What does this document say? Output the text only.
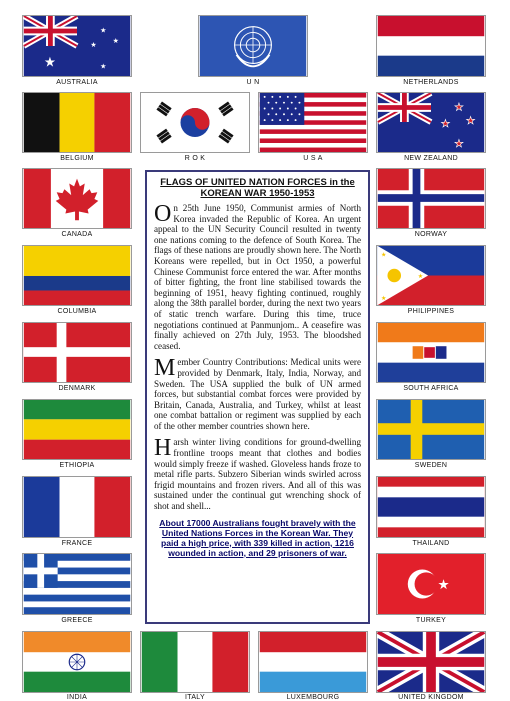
★
★
★
★
★
AUSTRALIA	U N	NETHERLANDS
BELGIUM	R O K	U S A
★
★ ★
★
NEW ZEALAND
CANADA
COLUMBIA
DENMARK
ETHIOPIA
FRANCE
GREECE
NORWAY
★
★
★
PHILIPPINES
SOUTH AFRICA
SWEDEN
THAILAND
★
TURKEY
INDIA	ITALY	LUXEMBOURG	UNITED KINGDOM
FLAGS OF UNITED NATION FORCES in the KOREAN WAR 1950-1953

On 25th June 1950, Communist armies of North Korea invaded the Republic of Korea. An urgent appeal to the UN Security Council resulted in twenty one nations coming to the defence of South Korea. The flags of these nations are proudly shown here. The North Koreans were repelled, but in Oct 1950, a powerful Chinese Communist force entered the war. After months of bitter fighting, the front line stabilised towards the beginning of 1951, heavy fighting continued, roughly along the 38th parallel border, during the next two years of static trench warfare. During this time, truce negotiations continued at Panmunjom.. A ceasefire was finally achieved on 27th July, 1953. The bloodshed ceased.

Member Country Contributions: Medical units were provided by Denmark, Italy, India, Norway, and Sweden. The USA supplied the bulk of UN armed forces, but substantial combat forces were provided by Britain, Canada, Australia, and Turkey, whilst at least one combat battalion or regiment was supplied by each of the other member countries shown here.

Harsh winter living conditions for ground-dwelling frontline troops meant that clothes and bodies would simply freeze if washed. Gloveless hands froze to metal rifle parts. Subzero Siberian winds swirled across frigid mountains and frozen rivers. And all of this was sustained under the continual gut wrenching shock of shot and shell...

About 17000 Australians fought bravely with the United Nations Forces in the Korean War. They paid a high price, with 339 killed in action, 1216 wounded in action, and 29 prisoners of war.
